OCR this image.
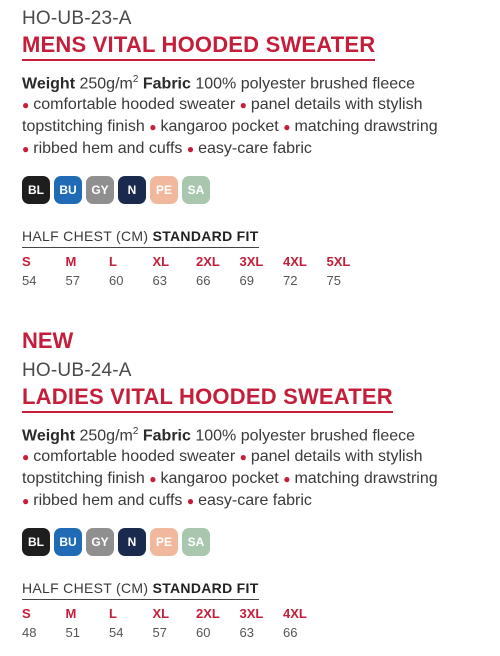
HO-UB-23-A
MENS VITAL HOODED SWEATER
Weight $250g/m^2$ Fabric 100% polyester brushed fleece
● comfortable hooded sweater ● panel details with stylish topstitching finish ● kangaroo pocket ● matching drawstring ● ribbed hem and cuffs ● easy-care fabric
BL	BU	GY	N	PE	SA
HALF CHEST (CM) STANDARD FIT
S	M	L	XL	2XL	3XL	4XL	5XL
54	57	60	63	66	69	72	75
NEW
HO-UB-24-A
LADIES VITAL HOODED SWEATER
Weight $250g/m^2$ Fabric 100% polyester brushed fleece
● comfortable hooded sweater ● panel details with stylish topstitching finish ● kangaroo pocket ● matching drawstring ● ribbed hem and cuffs ● easy-care fabric
BL	BU	GY	N	PE	SA
HALF CHEST (CM) STANDARD FIT
S	M	L	XL	2XL	3XL	4XL
48	51	54	57	60	63	66
